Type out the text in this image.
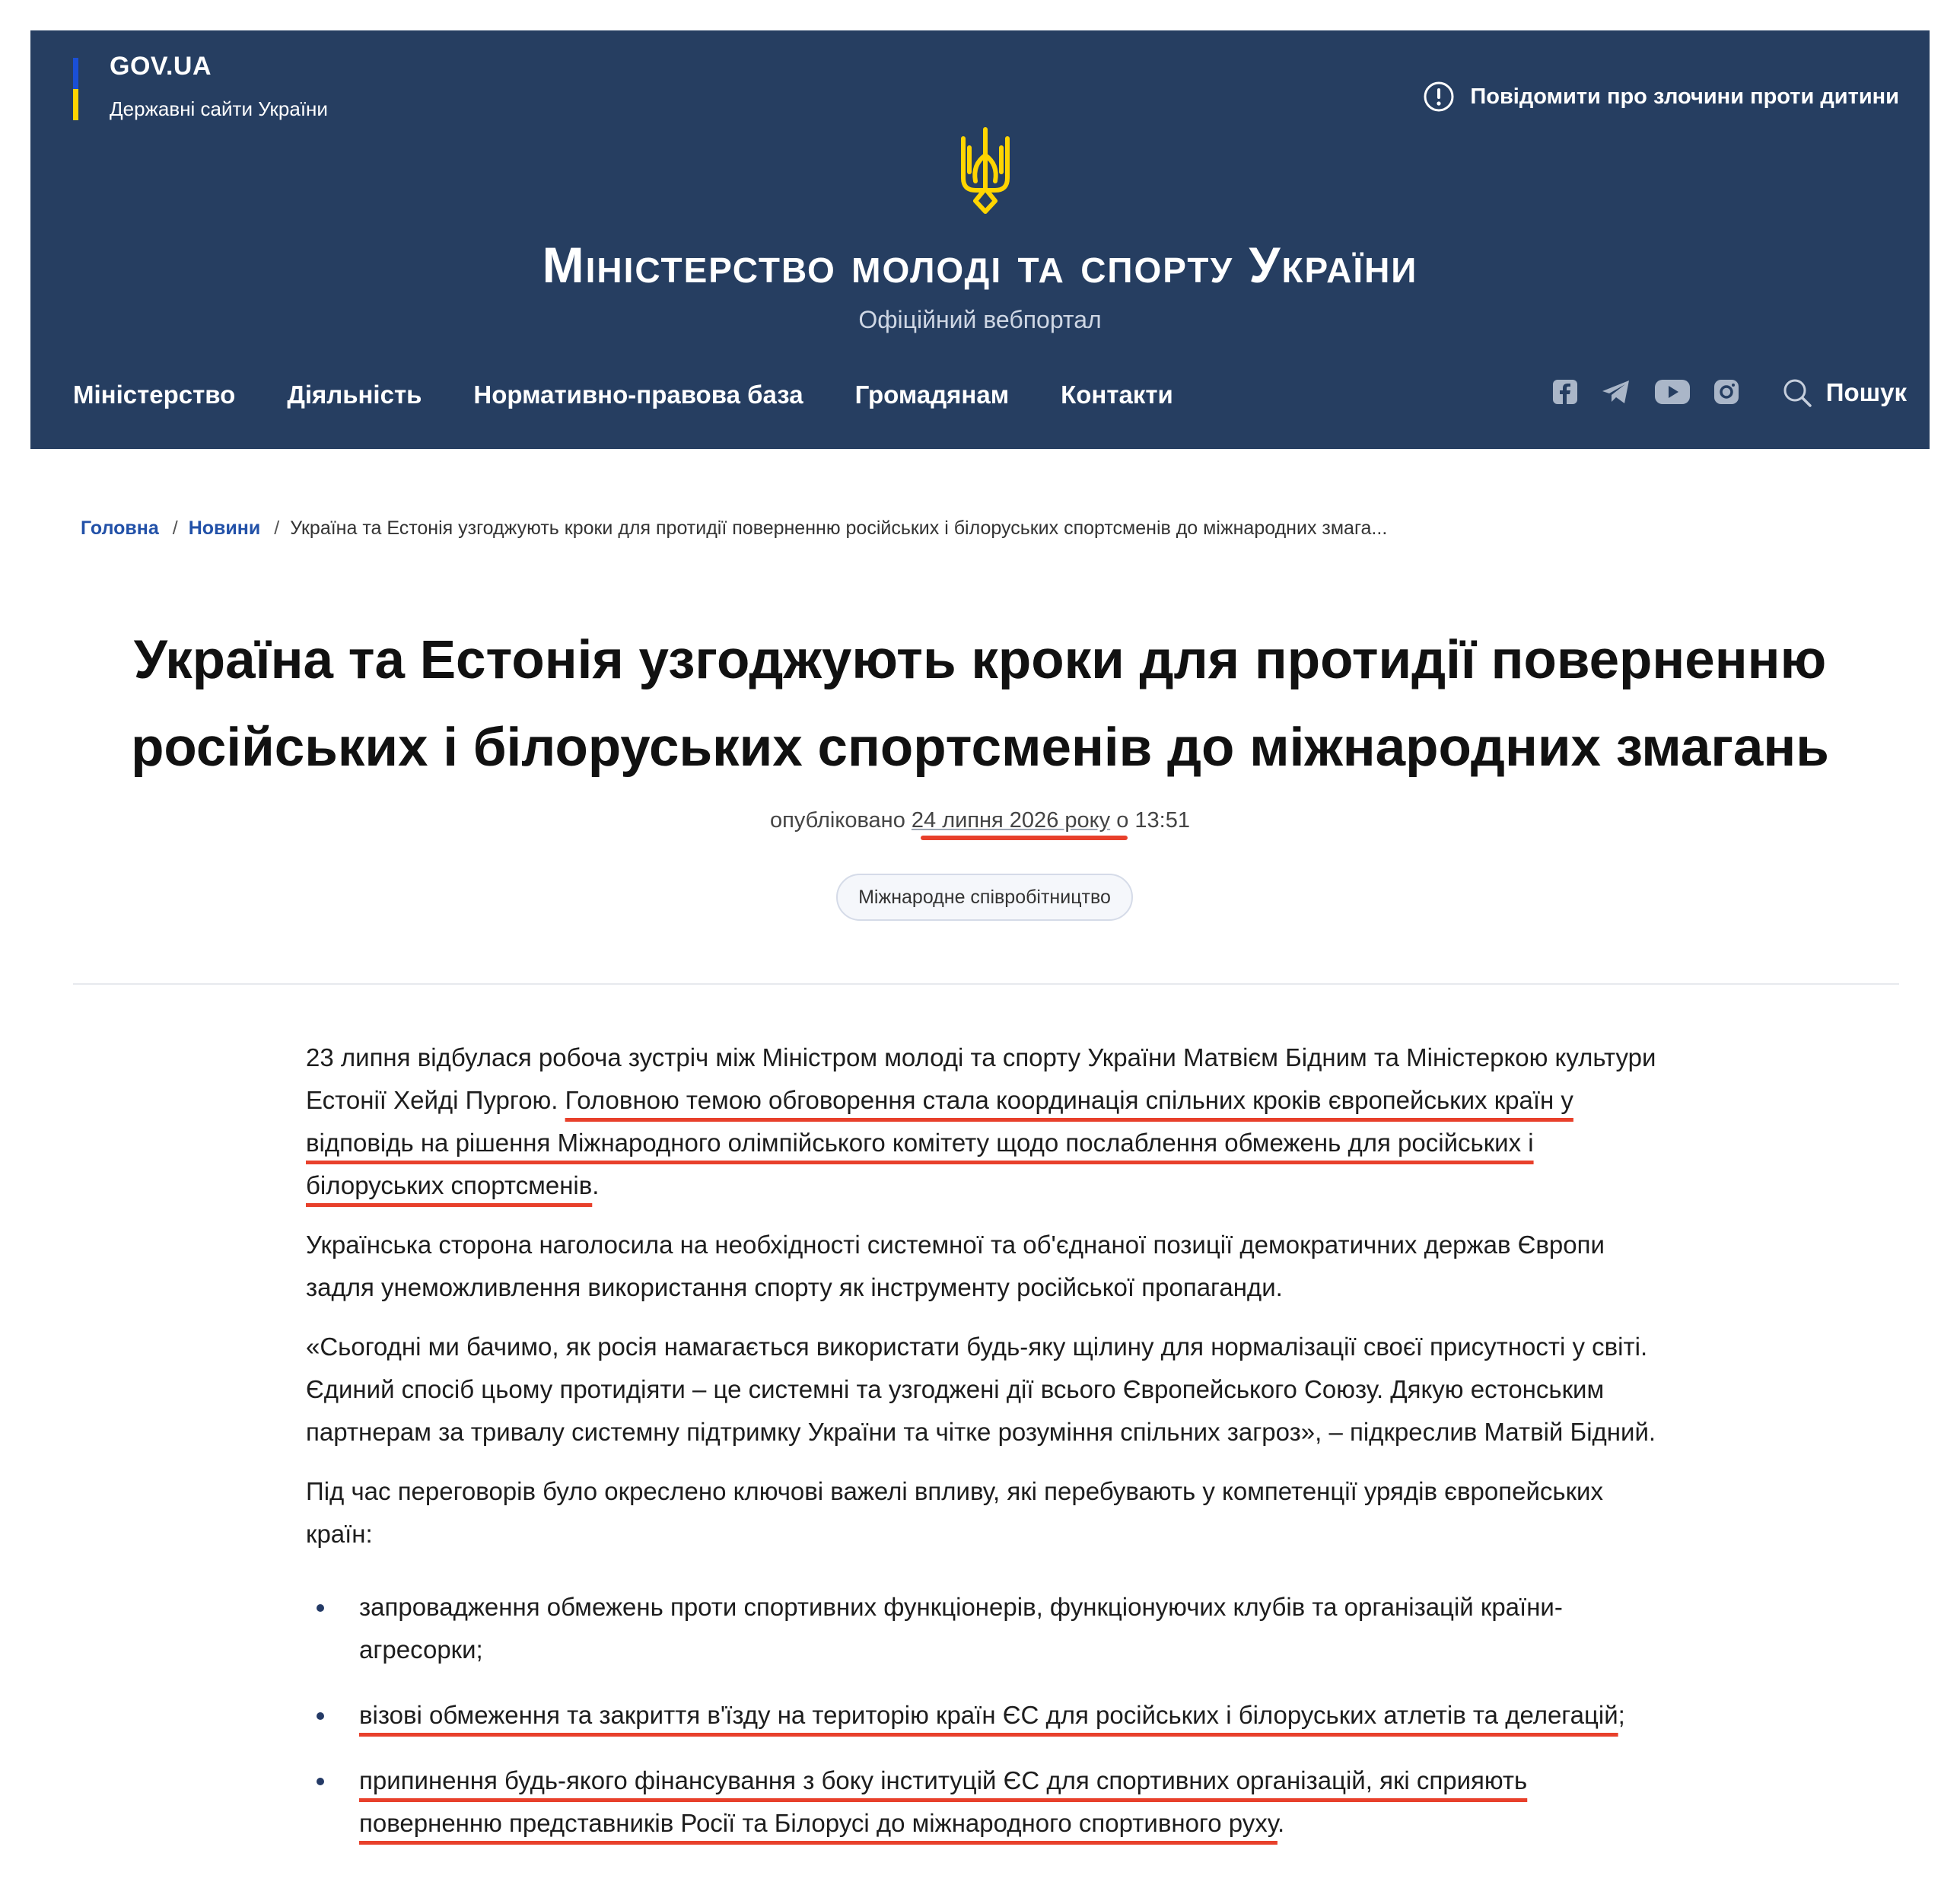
GOV.UA
Державні сайти України
Повідомити про злочини проти дитини
Міністерство молоді та спорту України
Офіційний вебпортал
Міністерство Діяльність Нормативно-правова база Громадянам Контакти	Пошук
Головна / Новини / Україна та Естонія узгоджують кроки для протидії поверненню російських і білоруських спортсменів до міжнародних змага...
Україна та Естонія узгоджують кроки для протидії поверненню російських і білоруських спортсменів до міжнародних змагань
опубліковано 24 липня 2026 року о 13:51
Міжнародне співробітництво

23 липня відбулася робоча зустріч між Міністром молоді та спорту України Матвієм Бідним та Міністеркою культури Естонії Хейді Пургою. Головною темою обговорення стала координація спільних кроків європейських країн у відповідь на рішення Міжнародного олімпійського комітету щодо послаблення обмежень для російських і білоруських спортсменів.

Українська сторона наголосила на необхідності системної та об'єднаної позиції демократичних держав Європи задля унеможливлення використання спорту як інструменту російської пропаганди.

«Сьогодні ми бачимо, як росія намагається використати будь-яку щілину для нормалізації своєї присутності у світі. Єдиний спосіб цьому протидіяти – це системні та узгоджені дії всього Європейського Союзу. Дякую естонським партнерам за тривалу системну підтримку України та чітке розуміння спільних загроз», – підкреслив Матвій Бідний.

Під час переговорів було окреслено ключові важелі впливу, які перебувають у компетенції урядів європейських країн:

запровадження обмежень проти спортивних функціонерів, функціонуючих клубів та організацій країни-агресорки;
візові обмеження та закриття в'їзду на територію країн ЄС для російських і білоруських атлетів та делегацій;
припинення будь-якого фінансування з боку інституцій ЄС для спортивних організацій, які сприяють поверненню представників Росії та Білорусі до міжнародного спортивного руху.
